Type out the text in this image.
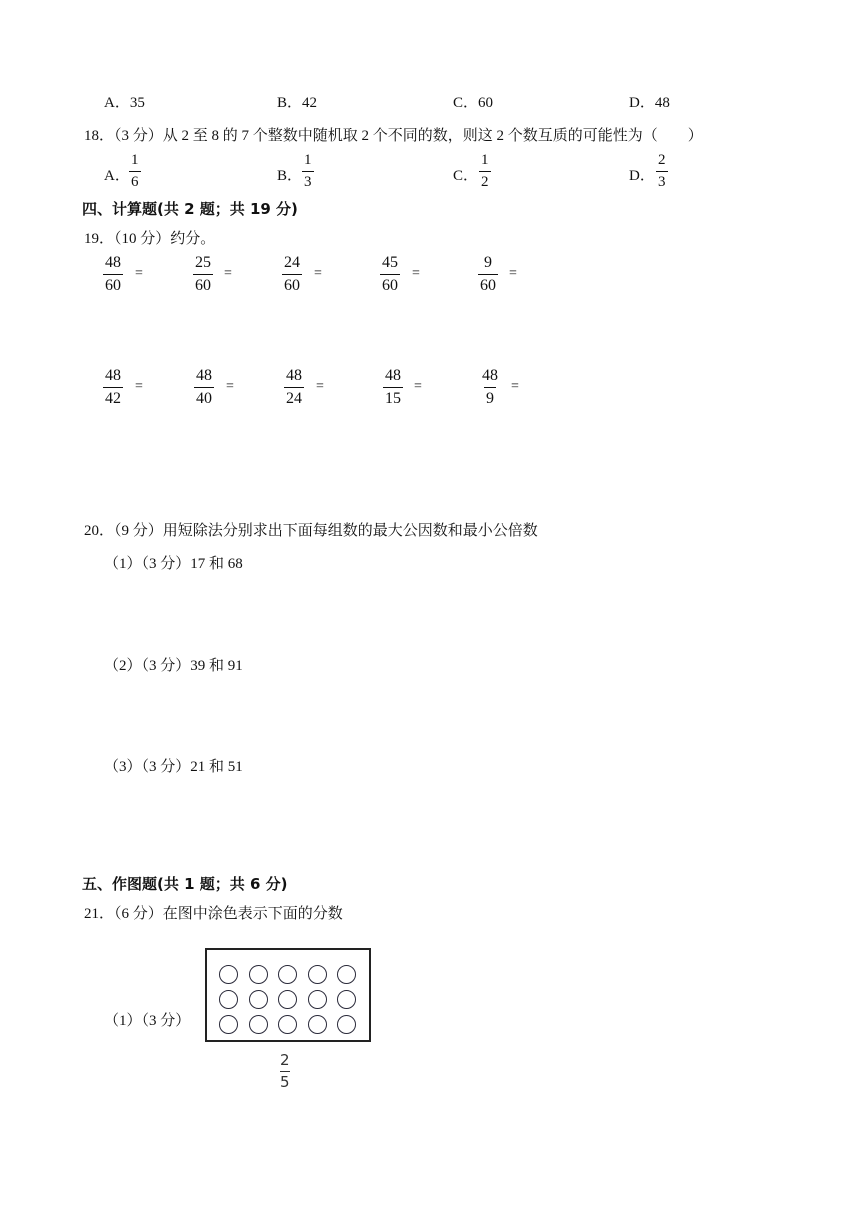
A．35	B．42	C．60	D．48
18．（3 分）从 2 至 8 的 7 个整数中随机取 2 个不同的数，则这 2 个数互质的可能性为（　　）
A． $\frac{1}{6}$	B． $\frac{1}{3}$	C． $\frac{1}{2}$	D． $\frac{2}{3}$
四、计算题(共 2 题；共 19 分)
19．（10 分）约分。
$\frac{48}{60}$ =	$\frac{25}{60}$ =	$\frac{24}{60}$ =	$\frac{45}{60}$ =	$\frac{9}{60}$ =
$\frac{48}{42}$ =	$\frac{48}{40}$ =	$\frac{48}{24}$ =	$\frac{48}{15}$ =	$\frac{48}{9}$ =
20．（9 分）用短除法分别求出下面每组数的最大公因数和最小公倍数
（1）（3 分）17 和 68
（2）（3 分）39 和 91
（3）（3 分）21 和 51
五、作图题(共 1 题；共 6 分)
21．（6 分）在图中涂色表示下面的分数
（1）（3 分）
$\frac{2}{5}$
